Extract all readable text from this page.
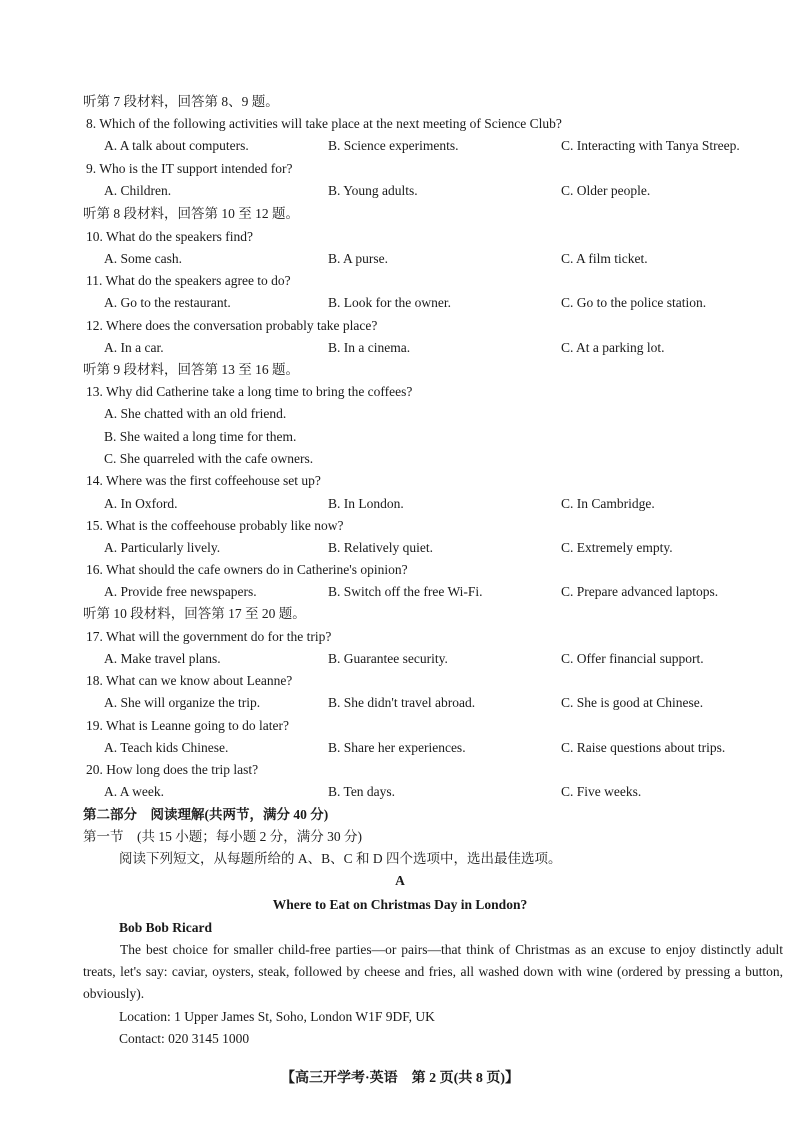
听第 7 段材料，回答第 8、9 题。
8. Which of the following activities will take place at the next meeting of Science Club?
A. A talk about computers.	B. Science experiments.	C. Interacting with Tanya Streep.
9. Who is the IT support intended for?
A. Children.	B. Young adults.	C. Older people.
听第 8 段材料，回答第 10 至 12 题。
10. What do the speakers find?
A. Some cash.	B. A purse.	C. A film ticket.
11. What do the speakers agree to do?
A. Go to the restaurant.	B. Look for the owner.	C. Go to the police station.
12. Where does the conversation probably take place?
A. In a car.	B. In a cinema.	C. At a parking lot.
听第 9 段材料，回答第 13 至 16 题。
13. Why did Catherine take a long time to bring the coffees?
A. She chatted with an old friend.
B. She waited a long time for them.
C. She quarreled with the cafe owners.
14. Where was the first coffeehouse set up?
A. In Oxford.	B. In London.	C. In Cambridge.
15. What is the coffeehouse probably like now?
A. Particularly lively.	B. Relatively quiet.	C. Extremely empty.
16. What should the cafe owners do in Catherine's opinion?
A. Provide free newspapers.	B. Switch off the free Wi-Fi.	C. Prepare advanced laptops.
听第 10 段材料，回答第 17 至 20 题。
17. What will the government do for the trip?
A. Make travel plans.	B. Guarantee security.	C. Offer financial support.
18. What can we know about Leanne?
A. She will organize the trip.	B. She didn't travel abroad.	C. She is good at Chinese.
19. What is Leanne going to do later?
A. Teach kids Chinese.	B. Share her experiences.	C. Raise questions about trips.
20. How long does the trip last?
A. A week.	B. Ten days.	C. Five weeks.
第二部分　阅读理解(共两节，满分 40 分)
第一节　(共 15 小题；每小题 2 分，满分 30 分)
阅读下列短文，从每题所给的 A、B、C 和 D 四个选项中，选出最佳选项。
A
Where to Eat on Christmas Day in London?
Bob Bob Ricard
The best choice for smaller child-free parties—or pairs—that think of Christmas as an excuse to enjoy distinctly adult treats, let's say: caviar, oysters, steak, followed by cheese and fries, all washed down with wine (ordered by pressing a button, obviously).
Location: 1 Upper James St, Soho, London W1F 9DF, UK
Contact: 020 3145 1000
【高三开学考·英语　第 2 页(共 8 页)】
